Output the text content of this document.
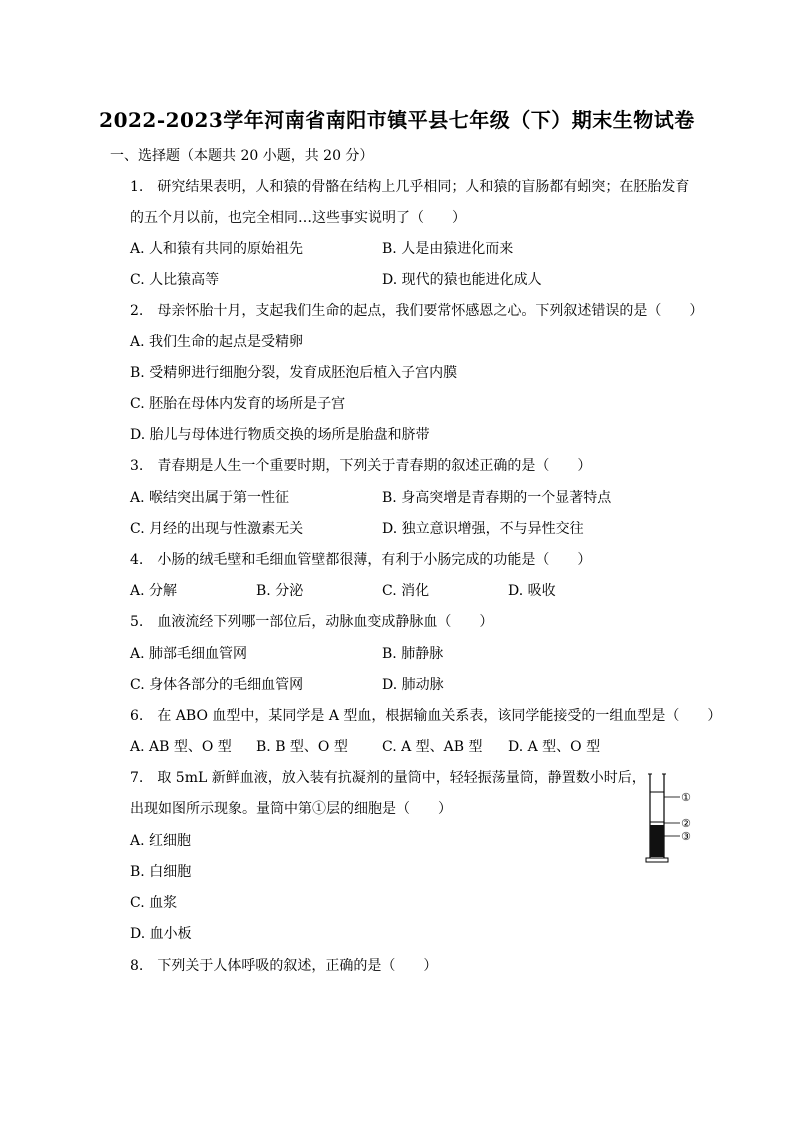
2022-2023学年河南省南阳市镇平县七年级（下）期末生物试卷
一、选择题（本题共 20 小题，共 20 分）
1.　研究结果表明，人和猿的骨骼在结构上几乎相同；人和猿的盲肠都有蚓突；在胚胎发育
的五个月以前，也完全相同…这些事实说明了（　　）
A. 人和猿有共同的原始祖先	B. 人是由猿进化而来
C. 人比猿高等	D. 现代的猿也能进化成人
2.　母亲怀胎十月，支起我们生命的起点，我们要常怀感恩之心。下列叙述错误的是（　　）
A. 我们生命的起点是受精卵
B. 受精卵进行细胞分裂，发育成胚泡后植入子宫内膜
C. 胚胎在母体内发育的场所是子宫
D. 胎儿与母体进行物质交换的场所是胎盘和脐带
3.　青春期是人生一个重要时期，下列关于青春期的叙述正确的是（　　）
A. 喉结突出属于第一性征	B. 身高突增是青春期的一个显著特点
C. 月经的出现与性激素无关	D. 独立意识增强，不与异性交往
4.　小肠的绒毛壁和毛细血管壁都很薄，有利于小肠完成的功能是（　　）
A. 分解	B. 分泌	C. 消化	D. 吸收
5.　血液流经下列哪一部位后，动脉血变成静脉血（　　）
A. 肺部毛细血管网	B. 肺静脉
C. 身体各部分的毛细血管网	D. 肺动脉
6.　在 ABO 血型中，某同学是 A 型血，根据输血关系表，该同学能接受的一组血型是（　　）
A. AB 型、O 型 B. B 型、O 型 C. A 型、AB 型 D. A 型、O 型
7.　取 5mL 新鲜血液，放入装有抗凝剂的量筒中，轻轻振荡量筒，静置数小时后，
出现如图所示现象。量筒中第①层的细胞是（　　）
A. 红细胞
B. 白细胞
C. 血浆
D. 血小板
①
②
③
8.　下列关于人体呼吸的叙述，正确的是（　　）
